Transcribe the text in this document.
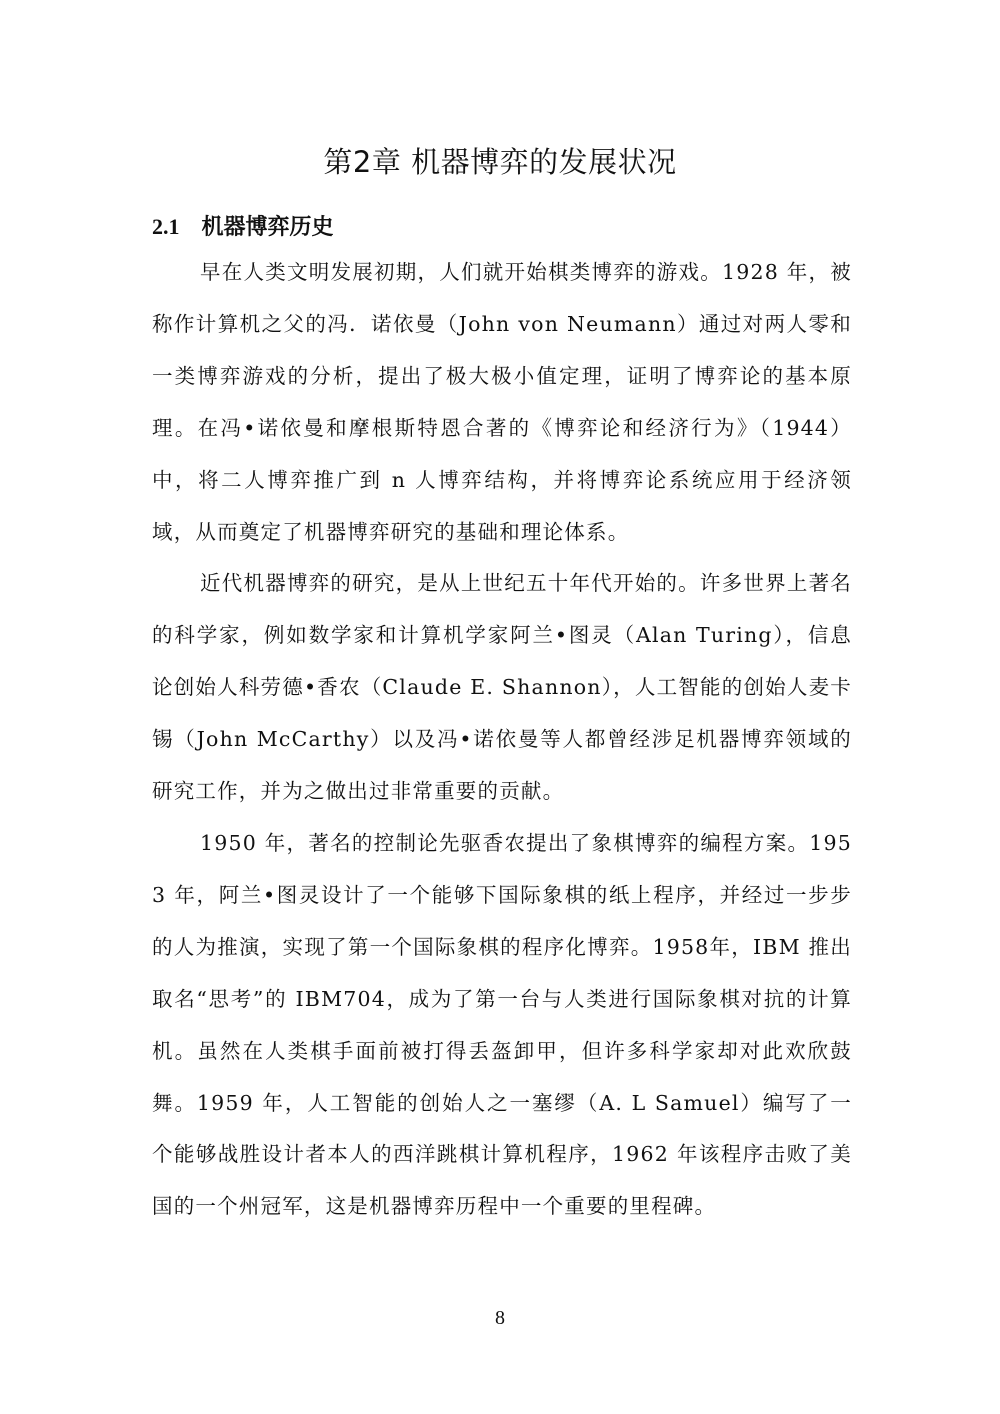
第2章 机器博弈的发展状况
2.1 机器博弈历史

早在人类文明发展初期，人们就开始棋类博弈的游戏。1928 年，被称作计算机之父的冯．诺依曼（John von Neumann）通过对两人零和一类博弈游戏的分析，提出了极大极小值定理，证明了博弈论的基本原理。在冯•诺依曼和摩根斯特恩合著的《博弈论和经济行为》（1944）中，将二人博弈推广到 n 人博弈结构，并将博弈论系统应用于经济领域，从而奠定了机器博弈研究的基础和理论体系。

近代机器博弈的研究，是从上世纪五十年代开始的。许多世界上著名的科学家，例如数学家和计算机学家阿兰•图灵（Alan Turing），信息论创始人科劳德•香农（Claude E. Shannon），人工智能的创始人麦卡锡（John McCarthy）以及冯•诺依曼等人都曾经涉足机器博弈领域的研究工作，并为之做出过非常重要的贡献。

1950 年，著名的控制论先驱香农提出了象棋博弈的编程方案。1953 年，阿兰•图灵设计了一个能够下国际象棋的纸上程序，并经过一步步的人为推演，实现了第一个国际象棋的程序化博弈。1958年，IBM 推出取名“思考”的 IBM704，成为了第一台与人类进行国际象棋对抗的计算机。虽然在人类棋手面前被打得丢盔卸甲，但许多科学家却对此欢欣鼓舞。1959 年，人工智能的创始人之一塞缪（A. L Samuel）编写了一个能够战胜设计者本人的西洋跳棋计算机程序，1962 年该程序击败了美国的一个州冠军，这是机器博弈历程中一个重要的里程碑。

8
